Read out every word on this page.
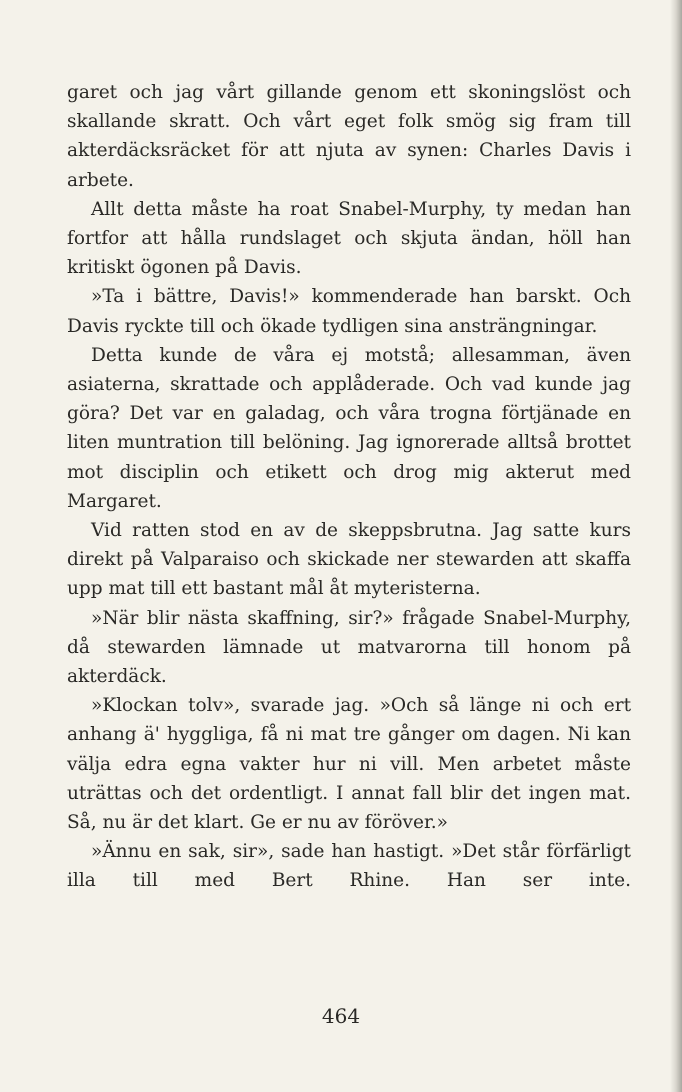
garet och jag vårt gillande genom ett skoningslöst och skallande skratt. Och vårt eget folk smög sig fram till akterdäcksräcket för att njuta av synen: Charles Davis i arbete.

Allt detta måste ha roat Snabel-Murphy, ty medan han fortfor att hålla rundslaget och skjuta ändan, höll han kritiskt ögonen på Davis.

»Ta i bättre, Davis!» kommenderade han barskt. Och Davis ryckte till och ökade tydligen sina ansträngningar.

Detta kunde de våra ej motstå; allesamman, även asiaterna, skrattade och applåderade. Och vad kunde jag göra? Det var en galadag, och våra trogna förtjänade en liten muntration till belöning. Jag ignorerade alltså brottet mot disciplin och etikett och drog mig akterut med Margaret.

Vid ratten stod en av de skeppsbrutna. Jag satte kurs direkt på Valparaiso och skickade ner stewarden att skaffa upp mat till ett bastant mål åt myteristerna.

»När blir nästa skaffning, sir?» frågade Snabel-Murphy, då stewarden lämnade ut matvarorna till honom på akterdäck.

»Klockan tolv», svarade jag. »Och så länge ni och ert anhang ä' hyggliga, få ni mat tre gånger om dagen. Ni kan välja edra egna vakter hur ni vill. Men arbetet måste uträttas och det ordentligt. I annat fall blir det ingen mat. Så, nu är det klart. Ge er nu av föröver.»

»Ännu en sak, sir», sade han hastigt. »Det står förfärligt illa till med Bert Rhine. Han ser inte.

464
